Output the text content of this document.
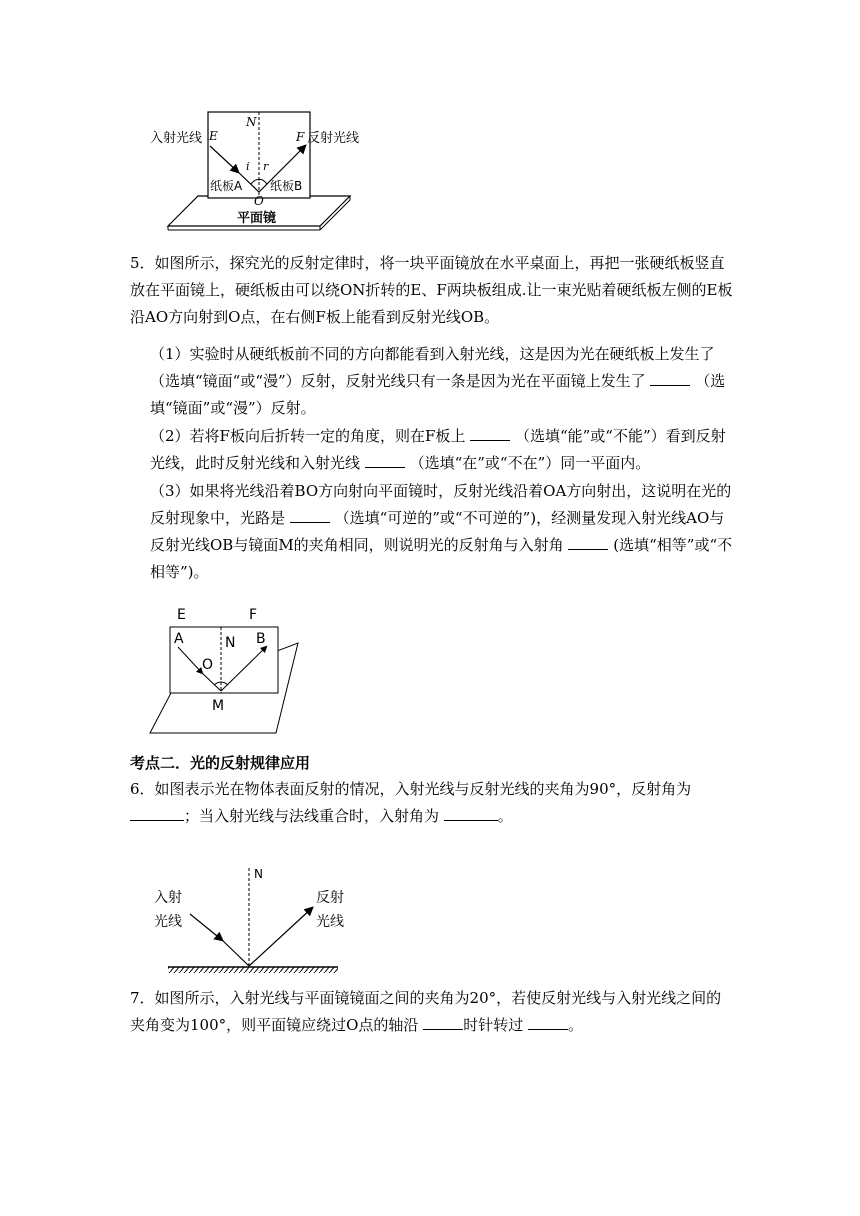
入射光线 E
N
F 反射光线
i r
纸板A 纸板B
O
平面镜

5．如图所示，探究光的反射定律时，将一块平面镜放在水平桌面上，再把一张硬纸板竖直放在平面镜上，硬纸板由可以绕ON折转的E、F两块板组成.让一束光贴着硬纸板左侧的E板沿AO方向射到O点，在右侧F板上能看到反射光线OB。

（1）实验时从硬纸板前不同的方向都能看到入射光线，这是因为光在硬纸板上发生了（选填“镜面“或“漫”）反射，反射光线只有一条是因为光在平面镜上发生了	（选填“镜面”或“漫”）反射。

（2）若将F板向后折转一定的角度，则在F板上	（选填“能”或“不能”）看到反射光线，此时反射光线和入射光线	（选填“在”或“不在”）同一平面内。

（3）如果将光线沿着BO方向射向平面镜时，反射光线沿着OA方向射出，这说明在光的反射现象中，光路是	（选填“可逆的”或“不可逆的”)，经测量发现入射光线AO与反射光线OB与镜面M的夹角相同，则说明光的反射角与入射角	(选填“相等”或“不相等”)。

E	F
A	B
N
O
M

考点二．光的反射规律应用

6．如图表示光在物体表面反射的情况，入射光线与反射光线的夹角为90°，反射角为；当入射光线与法线重合时，入射角为	。

N
入射
光线
反射
光线

7．如图所示，入射光线与平面镜镜面之间的夹角为20°，若使反射光线与入射光线之间的夹角变为100°，则平面镜应绕过O点的轴沿	时针转过	。
